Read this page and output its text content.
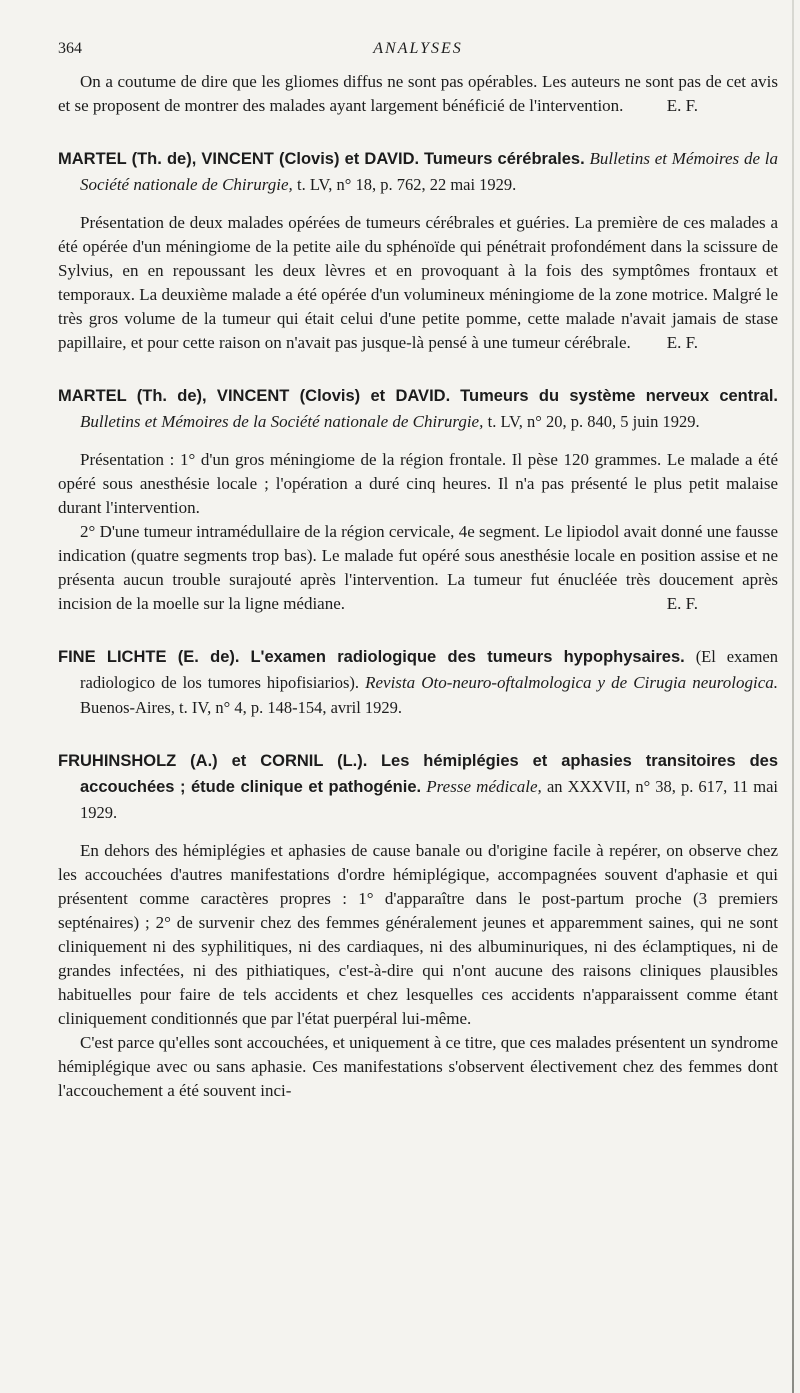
364	ANALYSES

On a coutume de dire que les gliomes diffus ne sont pas opérables. Les auteurs ne sont pas de cet avis et se proposent de montrer des malades ayant largement bénéficié de l'intervention.	E. F.

MARTEL (Th. de), VINCENT (Clovis) et DAVID. Tumeurs cérébrales. Bulletins et Mémoires de la Société nationale de Chirurgie, t. LV, n° 18, p. 762, 22 mai 1929.

Présentation de deux malades opérées de tumeurs cérébrales et guéries. La première de ces malades a été opérée d'un méningiome de la petite aile du sphénoïde qui pénétrait profondément dans la scissure de Sylvius, en en repoussant les deux lèvres et en provoquant à la fois des symptômes frontaux et temporaux. La deuxième malade a été opérée d'un volumineux méningiome de la zone motrice. Malgré le très gros volume de la tumeur qui était celui d'une petite pomme, cette malade n'avait jamais de stase papillaire, et pour cette raison on n'avait pas jusque-là pensé à une tumeur cérébrale.	E. F.

MARTEL (Th. de), VINCENT (Clovis) et DAVID. Tumeurs du système nerveux central. Bulletins et Mémoires de la Société nationale de Chirurgie, t. LV, n° 20, p. 840, 5 juin 1929.

Présentation : 1° d'un gros méningiome de la région frontale. Il pèse 120 grammes. Le malade a été opéré sous anesthésie locale ; l'opération a duré cinq heures. Il n'a pas présenté le plus petit malaise durant l'intervention.

2° D'une tumeur intramédullaire de la région cervicale, 4e segment. Le lipiodol avait donné une fausse indication (quatre segments trop bas). Le malade fut opéré sous anesthésie locale en position assise et ne présenta aucun trouble surajouté après l'intervention. La tumeur fut énucléée très doucement après incision de la moelle sur la ligne médiane.	E. F.

FINE LICHTE (E. de). L'examen radiologique des tumeurs hypophysaires. (El examen radiologico de los tumores hipofisiarios). Revista Oto-neuro-oftalmologica y de Cirugia neurologica. Buenos-Aires, t. IV, n° 4, p. 148-154, avril 1929.
FRUHINSHOLZ (A.) et CORNIL (L.). Les hémiplégies et aphasies transitoires des accouchées ; étude clinique et pathogénie. Presse médicale, an XXXVII, n° 38, p. 617, 11 mai 1929.

En dehors des hémiplégies et aphasies de cause banale ou d'origine facile à repérer, on observe chez les accouchées d'autres manifestations d'ordre hémiplégique, accompagnées souvent d'aphasie et qui présentent comme caractères propres : 1° d'apparaître dans le post-partum proche (3 premiers septénaires) ; 2° de survenir chez des femmes généralement jeunes et apparemment saines, qui ne sont cliniquement ni des syphilitiques, ni des cardiaques, ni des albuminuriques, ni des éclamptiques, ni de grandes infectées, ni des pithiatiques, c'est-à-dire qui n'ont aucune des raisons cliniques plausibles habituelles pour faire de tels accidents et chez lesquelles ces accidents n'apparaissent comme étant cliniquement conditionnés que par l'état puerpéral lui-même.

C'est parce qu'elles sont accouchées, et uniquement à ce titre, que ces malades présentent un syndrome hémiplégique avec ou sans aphasie. Ces manifestations s'observent électivement chez des femmes dont l'accouchement a été souvent inci-
